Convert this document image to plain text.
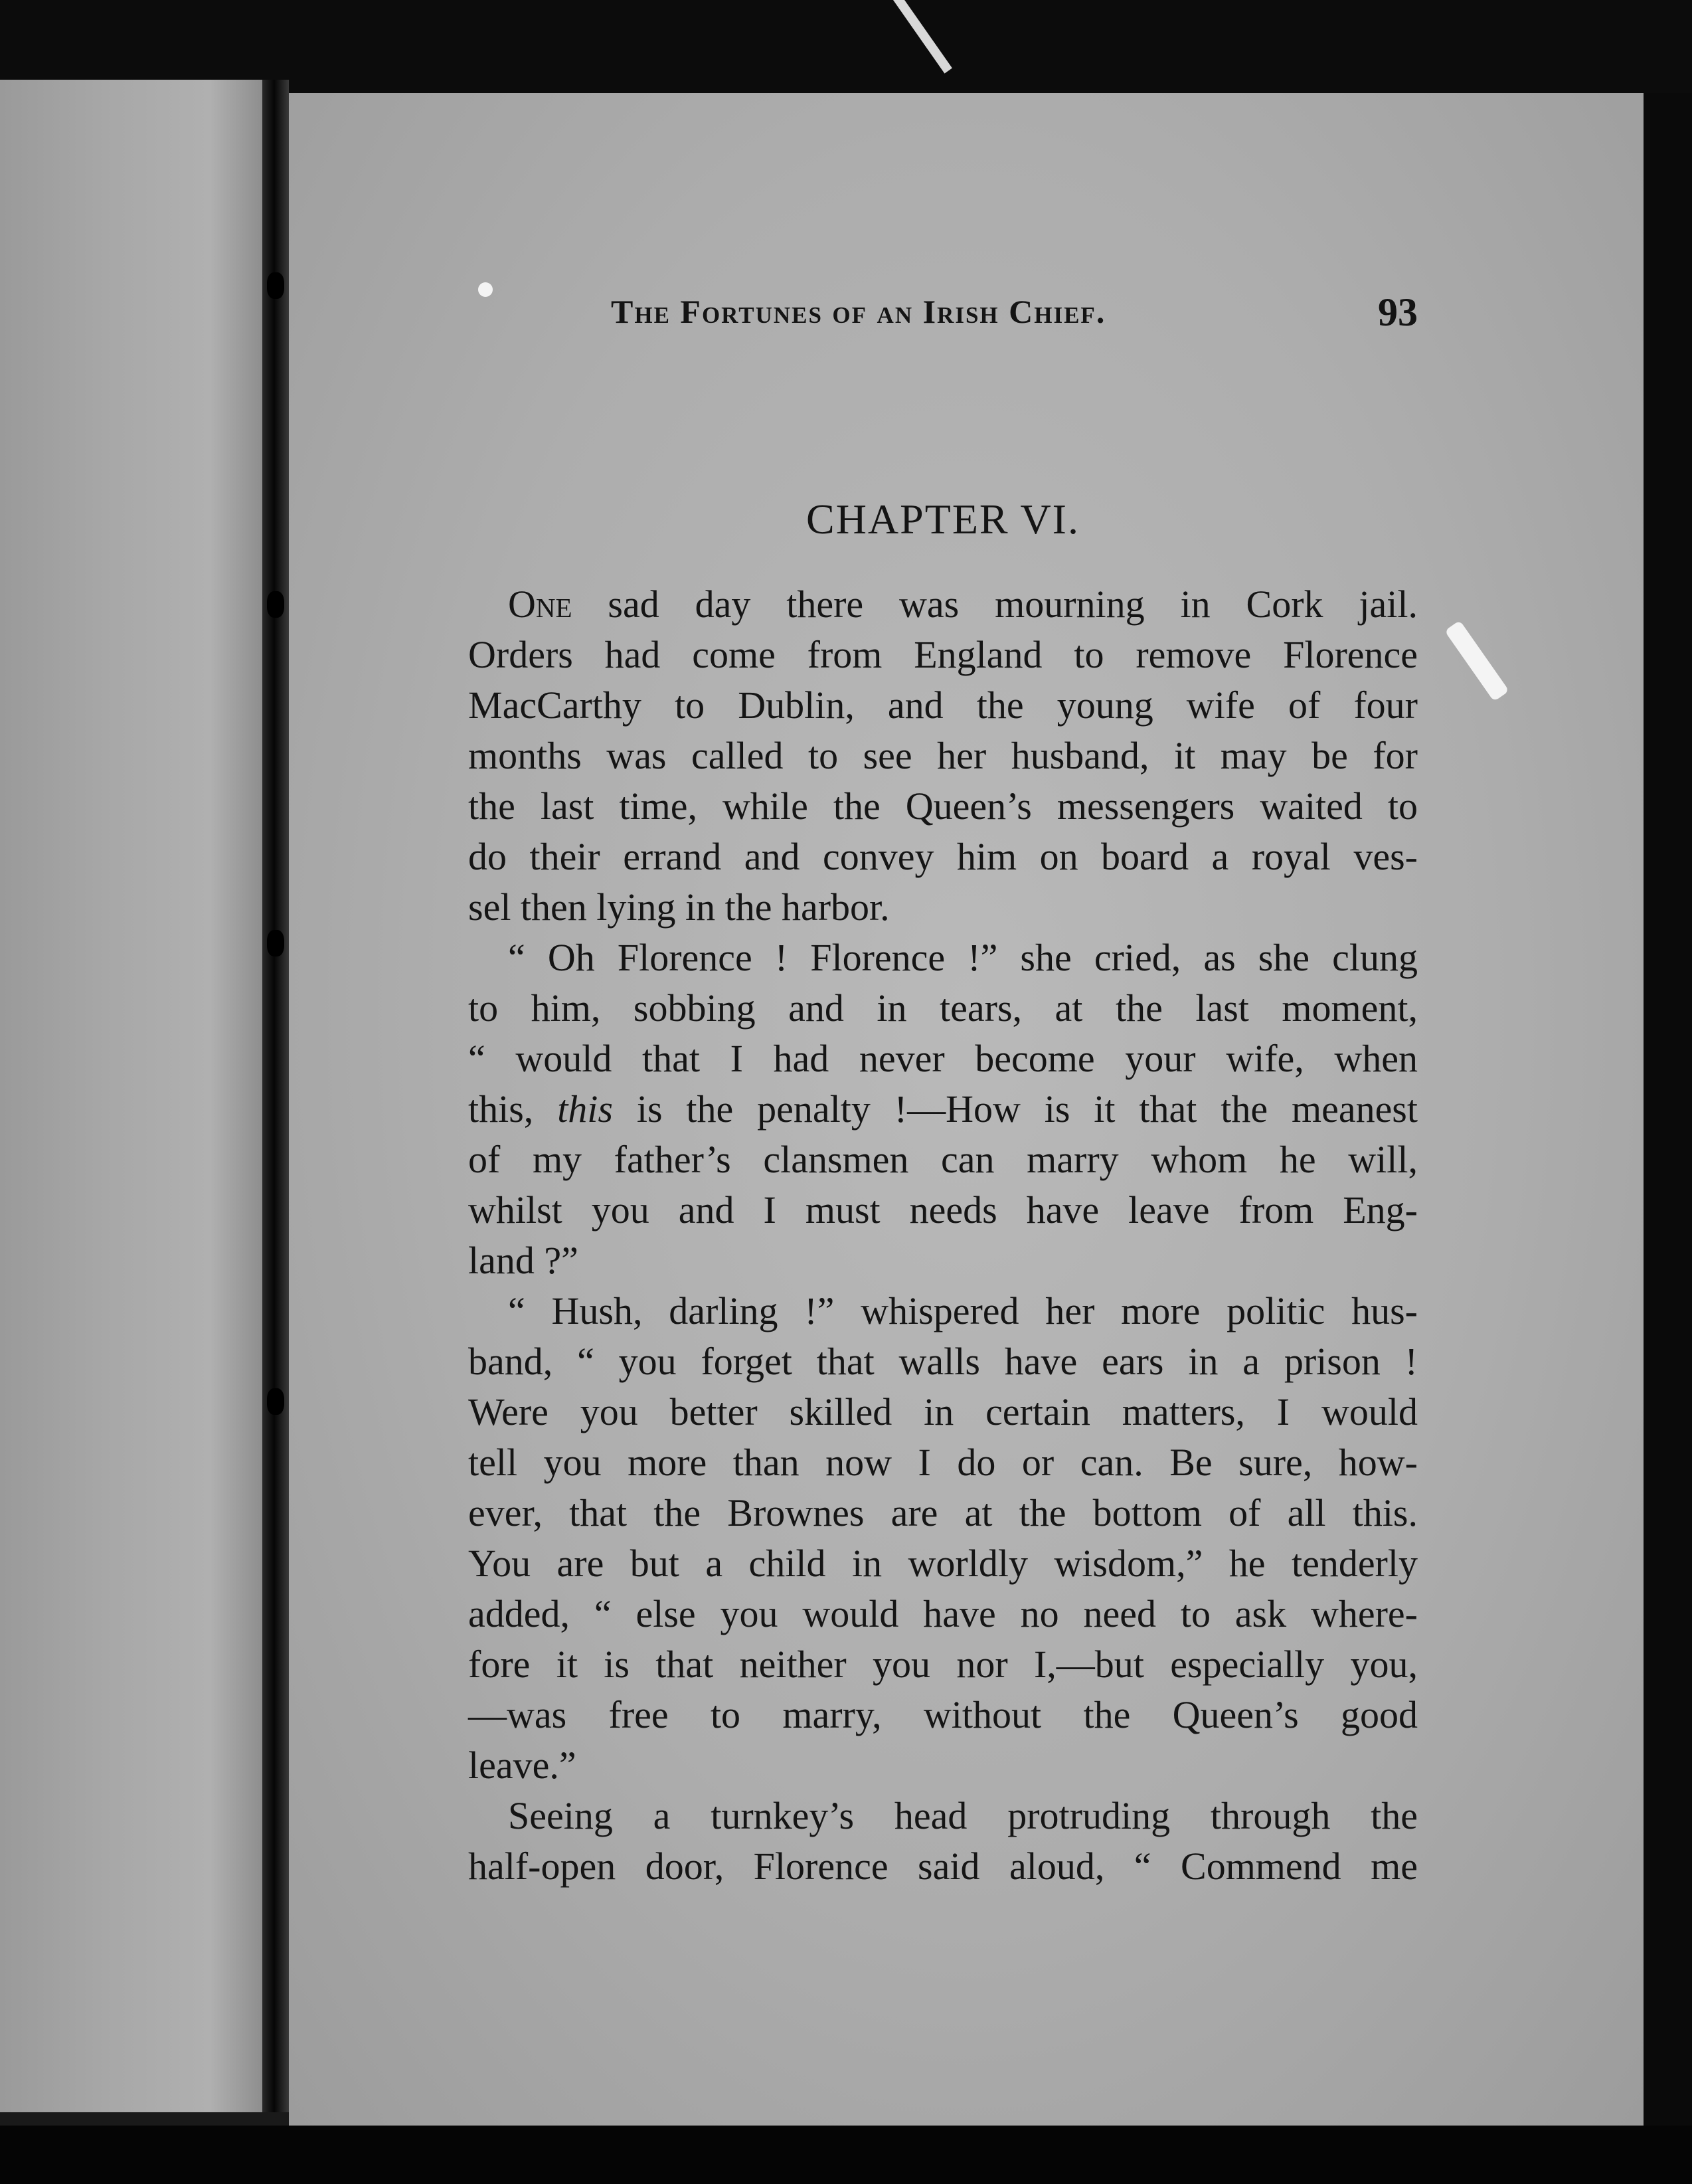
The Fortunes of an Irish Chief.	93
CHAPTER VI.
One sad day there was mourning in Cork jail.
Orders had come from England to remove Florence
MacCarthy to Dublin, and the young wife of four
months was called to see her husband, it may be for
the last time, while the Queen’s messengers waited to
do their errand and convey him on board a royal ves-
sel then lying in the harbor.
“ Oh Florence ! Florence !” she cried, as she clung
to him, sobbing and in tears, at the last moment,
“ would that I had never become your wife, when
this, this is the penalty !—How is it that the meanest
of my father’s clansmen can marry whom he will,
whilst you and I must needs have leave from Eng-
land ?”
“ Hush, darling !” whispered her more politic hus-
band, “ you forget that walls have ears in a prison !
Were you better skilled in certain matters, I would
tell you more than now I do or can. Be sure, how-
ever, that the Brownes are at the bottom of all this.
You are but a child in worldly wisdom,” he tenderly
added, “ else you would have no need to ask where-
fore it is that neither you nor I,—but especially you,
—was free to marry, without the Queen’s good
leave.”
Seeing a turnkey’s head protruding through the
half-open door, Florence said aloud, “ Commend me
